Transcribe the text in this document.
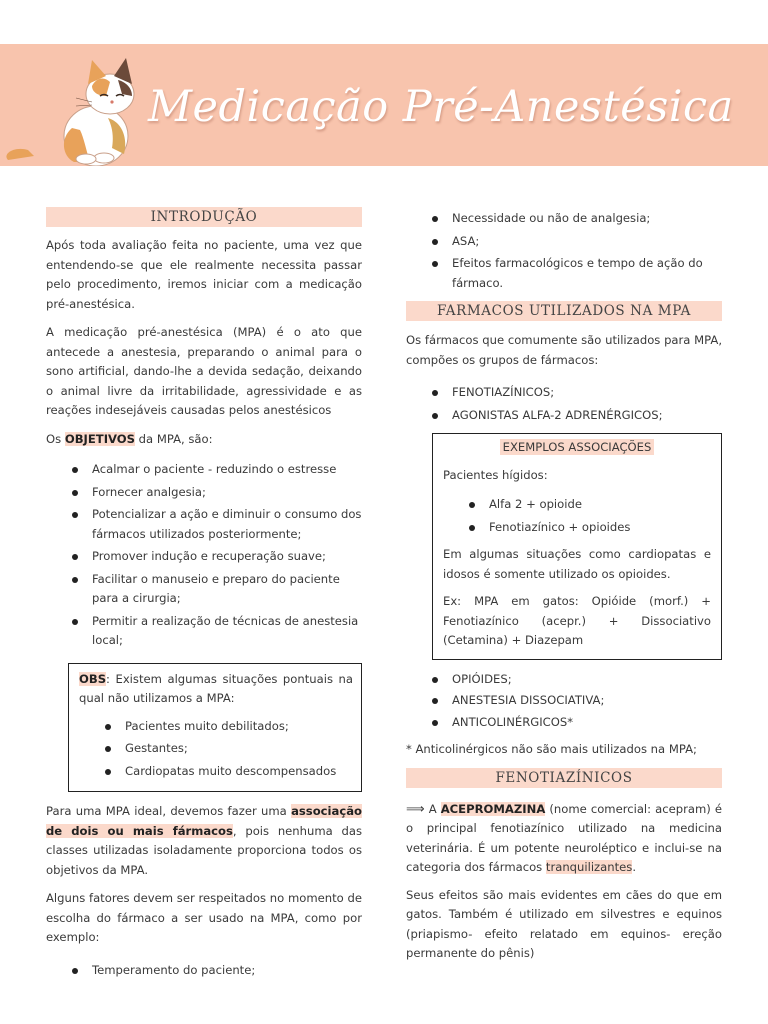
Medicação Pré-Anestésica
INTRODUÇÃO

Após toda avaliação feita no paciente, uma vez que entendendo-se que ele realmente necessita passar pelo procedimento, iremos iniciar com a medicação pré-anestésica.

A medicação pré-anestésica (MPA) é o ato que antecede a anestesia, preparando o animal para o sono artificial, dando-lhe a devida sedação, deixando o animal livre da irritabilidade, agressividade e as reações indesejáveis causadas pelos anestésicos

Os OBJETIVOS da MPA, são:

Acalmar o paciente - reduzindo o estresse
Fornecer analgesia;
Potencializar a ação e diminuir o consumo dos fármacos utilizados posteriormente;
Promover indução e recuperação suave;
Facilitar o manuseio e preparo do paciente para a cirurgia;
Permitir a realização de técnicas de anestesia local;

OBS: Existem algumas situações pontuais na qual não utilizamos a MPA:

Pacientes muito debilitados;
Gestantes;
Cardiopatas muito descompensados

Para uma MPA ideal, devemos fazer uma associação de dois ou mais fármacos, pois nenhuma das classes utilizadas isoladamente proporciona todos os objetivos da MPA.

Alguns fatores devem ser respeitados no momento de escolha do fármaco a ser usado na MPA, como por exemplo:

Temperamento do paciente;
Necessidade ou não de analgesia;
ASA;
Efeitos farmacológicos e tempo de ação do fármaco.
FARMACOS UTILIZADOS NA MPA

Os fármacos que comumente são utilizados para MPA, compões os grupos de fármacos:

FENOTIAZÍNICOS;
AGONISTAS ALFA-2 ADRENÉRGICOS;
EXEMPLOS ASSOCIAÇÕES

Pacientes hígidos:

Alfa 2 + opioide
Fenotiazínico + opioides

Em algumas situações como cardiopatas e idosos é somente utilizado os opioides.

Ex: MPA em gatos: Opióide (morf.) + Fenotiazínico (acepr.) + Dissociativo (Cetamina) + Diazepam

OPIÓIDES;
ANESTESIA DISSOCIATIVA;
ANTICOLINÉRGICOS*

* Anticolinérgicos não são mais utilizados na MPA;

FENOTIAZÍNICOS

⟹ A ACEPROMAZINA (nome comercial: acepram) é o principal fenotiazínico utilizado na medicina veterinária. É um potente neuroléptico e inclui-se na categoria dos fármacos tranquilizantes.

Seus efeitos são mais evidentes em cães do que em gatos. Também é utilizado em silvestres e equinos (priapismo- efeito relatado em equinos- ereção permanente do pênis)
